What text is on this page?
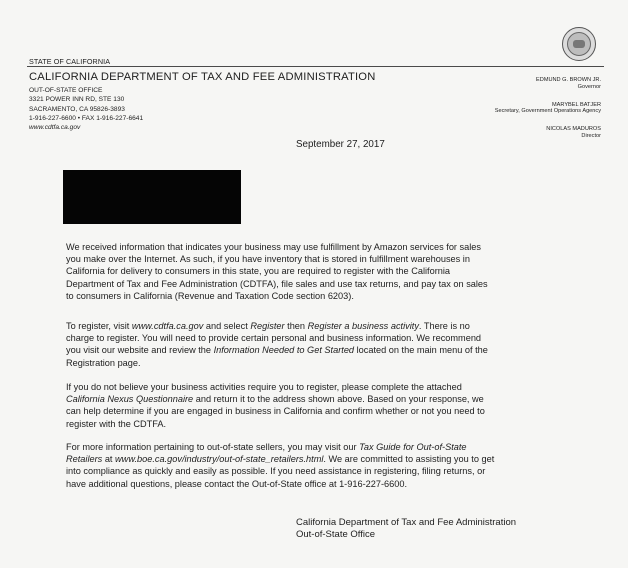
STATE OF CALIFORNIA
CALIFORNIA DEPARTMENT OF TAX AND FEE ADMINISTRATION
OUT-OF-STATE OFFICE
3321 POWER INN RD, STE 130
SACRAMENTO, CA 95826-3893
1-916-227-6600 • FAX 1-916-227-6641
www.cdtfa.ca.gov
EDMUND G. BROWN JR.
Governor
MARYBEL BATJER
Secretary, Government Operations Agency
NICOLAS MADUROS
Director
September 27, 2017
We received information that indicates your business may use fulfillment by Amazon services for sales
you make over the Internet. As such, if you have inventory that is stored in fulfillment warehouses in
California for delivery to consumers in this state, you are required to register with the California
Department of Tax and Fee Administration (CDTFA), file sales and use tax returns, and pay tax on sales
to consumers in California (Revenue and Taxation Code section 6203).
To register, visit www.cdtfa.ca.gov and select Register then Register a business activity. There is no
charge to register. You will need to provide certain personal and business information. We recommend
you visit our website and review the Information Needed to Get Started located on the main menu of the
Registration page.
If you do not believe your business activities require you to register, please complete the attached
California Nexus Questionnaire and return it to the address shown above. Based on your response, we
can help determine if you are engaged in business in California and confirm whether or not you need to
register with the CDTFA.
For more information pertaining to out-of-state sellers, you may visit our Tax Guide for Out-of-State
Retailers at www.boe.ca.gov/industry/out-of-state_retailers.html. We are committed to assisting you to get
into compliance as quickly and easily as possible. If you need assistance in registering, filing returns, or
have additional questions, please contact the Out-of-State office at 1-916-227-6600.
California Department of Tax and Fee Administration
Out-of-State Office
